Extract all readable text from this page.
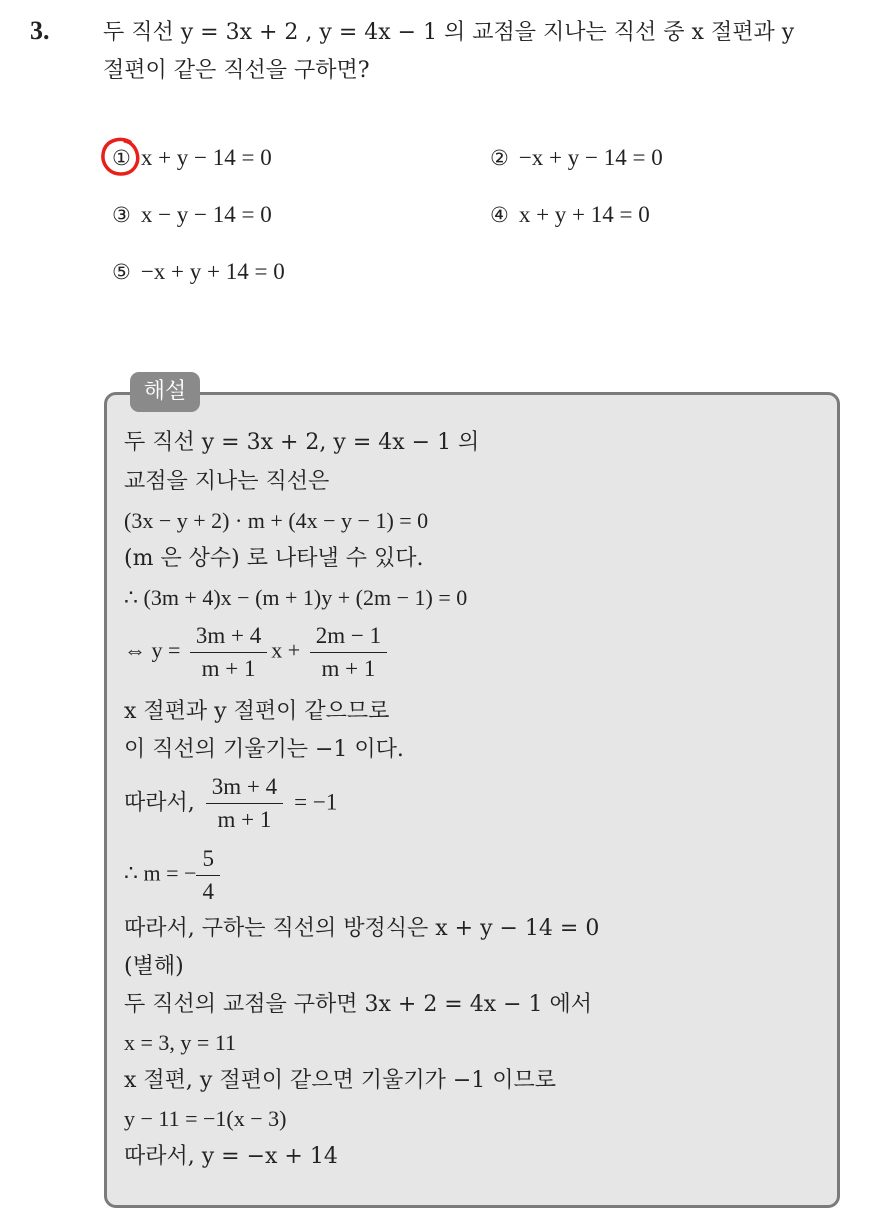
3. 두 직선 y = 3x + 2 , y = 4x − 1 의 교점을 지나는 직선 중 x 절편과 y
절편이 같은 직선을 구하면?
① x + y − 14 = 0	② −x + y − 14 = 0
③ x − y − 14 = 0	④ x + y + 14 = 0
⑤ −x + y + 14 = 0
해설
두 직선 y = 3x + 2, y = 4x − 1 의
교점을 지나는 직선은
(3x − y + 2) · m + (4x − y − 1) = 0
(m 은 상수) 로 나타낼 수 있다.
∴ (3m + 4)x − (m + 1)y + (2m − 1) = 0
⇔ $y = \frac{3m + 4}{m + 1}$ $x + \frac{2m - 1}{m + 1}$
x 절편과 y 절편이 같으므로
이 직선의 기울기는 −1 이다.
따라서, $\frac{3m + 4}{m + 1} = -1$
∴ m = − $\frac{5}{4}$
따라서, 구하는 직선의 방정식은 x + y − 14 = 0
(별해)
두 직선의 교점을 구하면 3x + 2 = 4x − 1 에서
x = 3, y = 11
x 절편, y 절편이 같으면 기울기가 −1 이므로
y − 11 = −1(x − 3)
따라서, y = −x + 14
